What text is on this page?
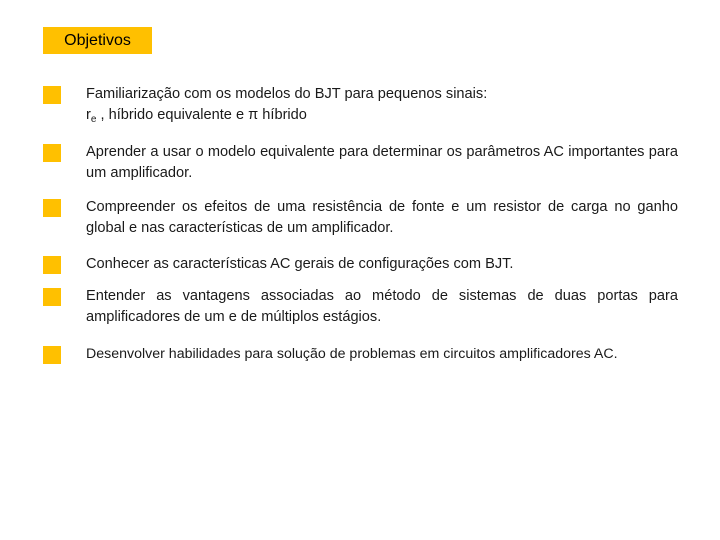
Objetivos
Familiarização com os modelos do BJT para pequenos sinais:
$r_e$ , híbrido equivalente e π híbrido
Aprender a usar o modelo equivalente para determinar os parâmetros AC importantes para um amplificador.
Compreender os efeitos de uma resistência de fonte e um resistor de carga no ganho global e nas características de um amplificador.
Conhecer as características AC gerais de configurações com BJT.
Entender as vantagens associadas ao método de sistemas de duas portas para amplificadores de um e de múltiplos estágios.
Desenvolver habilidades para solução de problemas em circuitos amplificadores AC.
